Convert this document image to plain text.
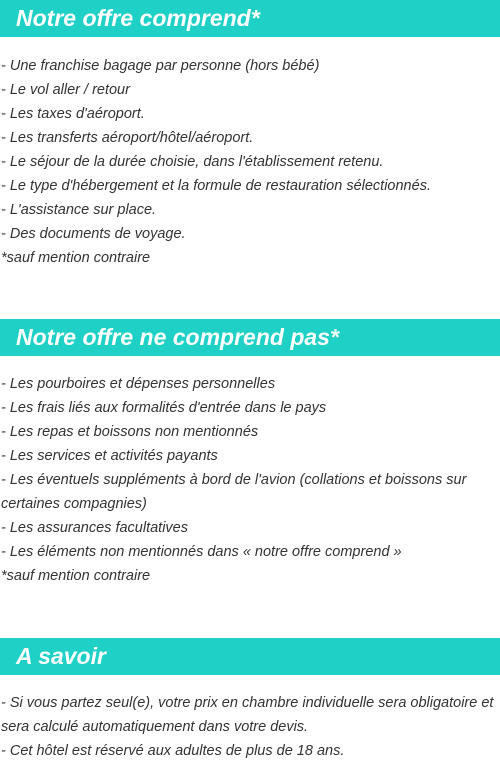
Notre offre comprend*
- Une franchise bagage par personne (hors bébé)
- Le vol aller / retour
- Les taxes d'aéroport.
- Les transferts aéroport/hôtel/aéroport.
- Le séjour de la durée choisie, dans l'établissement retenu.
- Le type d'hébergement et la formule de restauration sélectionnés.
- L'assistance sur place.
- Des documents de voyage.
*sauf mention contraire
Notre offre ne comprend pas*
- Les pourboires et dépenses personnelles
- Les frais liés aux formalités d'entrée dans le pays
- Les repas et boissons non mentionnés
- Les services et activités payants
- Les éventuels suppléments à bord de l'avion (collations et boissons sur certaines compagnies)
- Les assurances facultatives
- Les éléments non mentionnés dans « notre offre comprend »
*sauf mention contraire
A savoir
- Si vous partez seul(e), votre prix en chambre individuelle sera obligatoire et sera calculé automatiquement dans votre devis.
- Cet hôtel est réservé aux adultes de plus de 18 ans.
